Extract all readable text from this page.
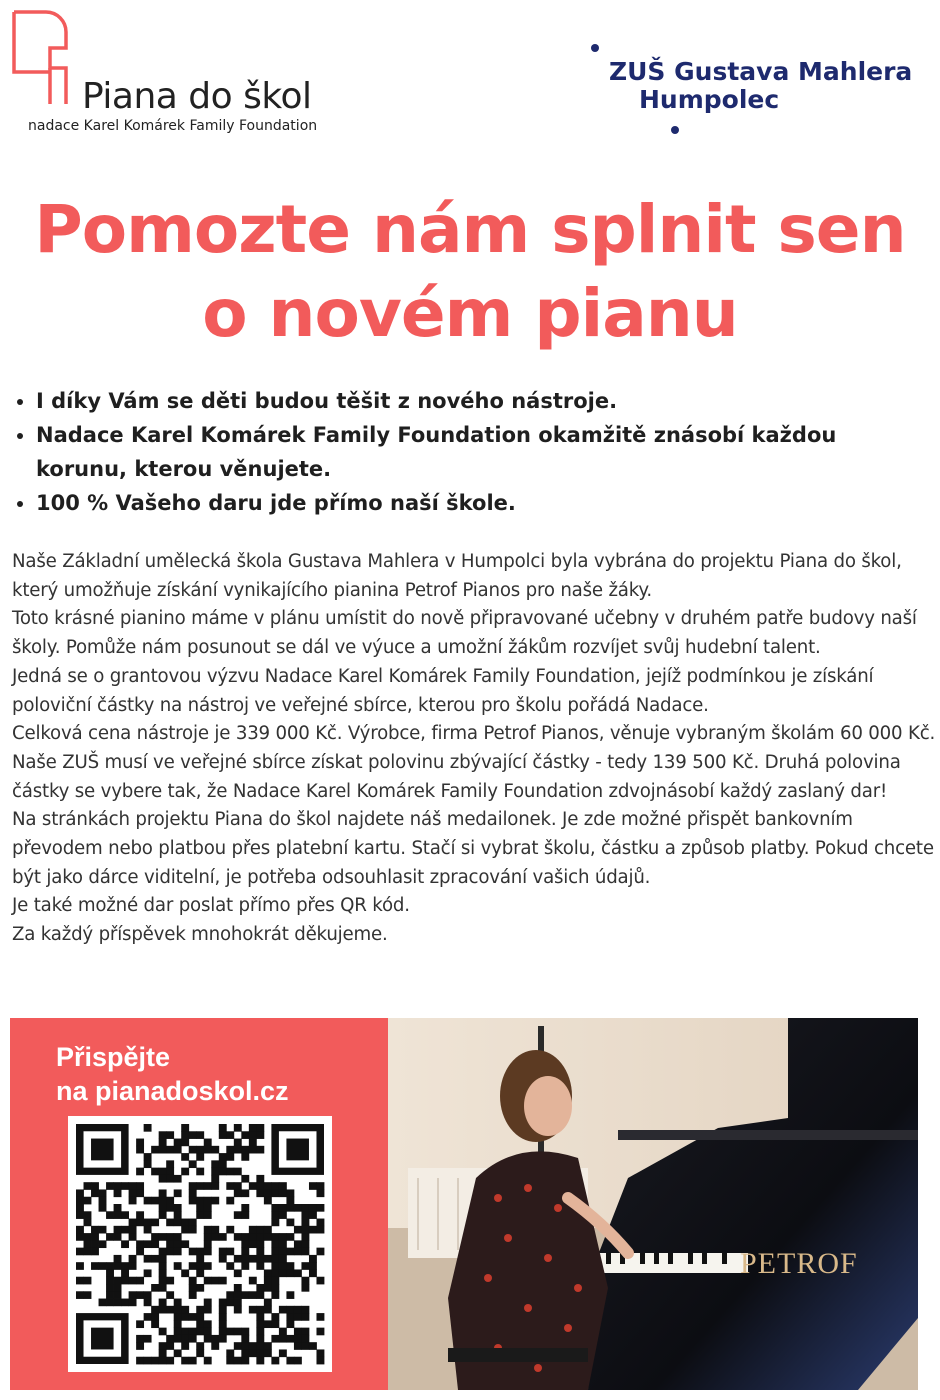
Piana do škol
nadace Karel Komárek Family Foundation
ZUŠ Gustava Mahlera
Humpolec
Pomozte nám splnit sen
o novém pianu
• I díky Vám se děti budou těšit z nového nástroje.
• Nadace Karel Komárek Family Foundation okamžitě znásobí každou korunu, kterou věnujete.
• 100 % Vašeho daru jde přímo naší škole.

Naše Základní umělecká škola Gustava Mahlera v Humpolci byla vybrána do projektu Piana do škol, který umožňuje získání vynikajícího pianina Petrof Pianos pro naše žáky.

Toto krásné pianino máme v plánu umístit do nově připravované učebny v druhém patře budovy naší školy. Pomůže nám posunout se dál ve výuce a umožní žákům rozvíjet svůj hudební talent.

Jedná se o grantovou výzvu Nadace Karel Komárek Family Foundation, jejíž podmínkou je získání poloviční částky na nástroj ve veřejné sbírce, kterou pro školu pořádá Nadace.

Celková cena nástroje je 339 000 Kč. Výrobce, firma Petrof Pianos, věnuje vybraným školám 60 000 Kč. Naše ZUŠ musí ve veřejné sbírce získat polovinu zbývající částky - tedy 139 500 Kč. Druhá polovina částky se vybere tak, že Nadace Karel Komárek Family Foundation zdvojnásobí každý zaslaný dar!

Na stránkách projektu Piana do škol najdete náš medailonek. Je zde možné přispět bankovním převodem nebo platbou přes platební kartu. Stačí si vybrat školu, částku a způsob platby. Pokud chcete být jako dárce viditelní, je potřeba odsouhlasit zpracování vašich údajů.

Je také možné dar poslat přímo přes QR kód.

Za každý příspěvek mnohokrát děkujeme.

Přispějte
na pianadoskol.cz
PETROF
